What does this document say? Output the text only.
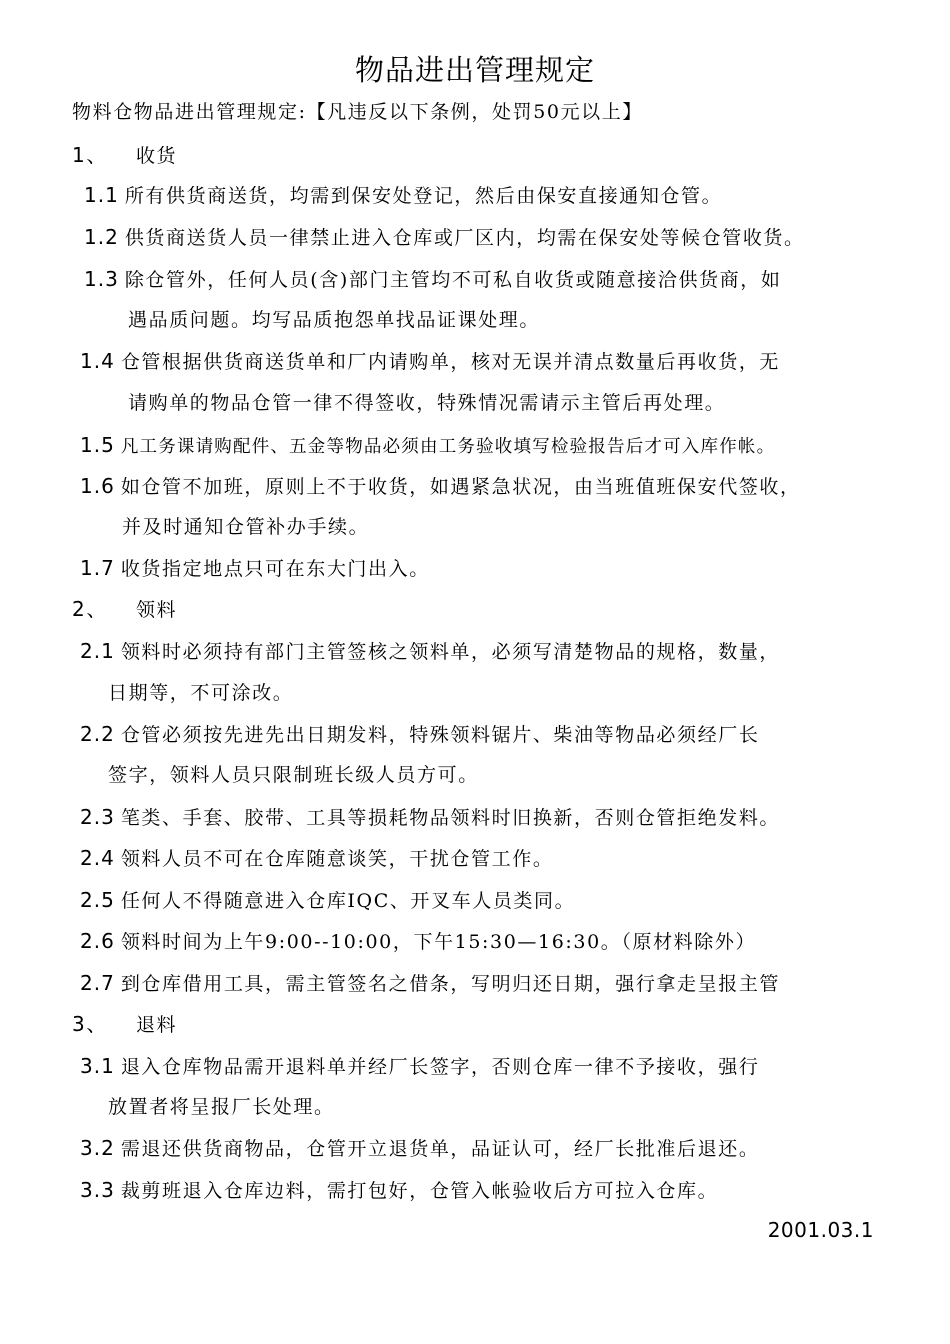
物品进出管理规定
物料仓物品进出管理规定:【凡违反以下条例，处罚50元以上】
1、 收货
1.1 所有供货商送货，均需到保安处登记，然后由保安直接通知仓管。
1.2 供货商送货人员一律禁止进入仓库或厂区内，均需在保安处等候仓管收货。
1.3 除仓管外，任何人员(含)部门主管均不可私自收货或随意接洽供货商，如
遇品质问题。均写品质抱怨单找品证课处理。
1.4 仓管根据供货商送货单和厂内请购单，核对无误并清点数量后再收货，无
请购单的物品仓管一律不得签收，特殊情况需请示主管后再处理。
1.5 凡工务课请购配件、五金等物品必须由工务验收填写检验报告后才可入库作帐。
1.6 如仓管不加班，原则上不于收货，如遇紧急状况，由当班值班保安代签收，
并及时通知仓管补办手续。
1.7 收货指定地点只可在东大门出入。
2、 领料
2.1 领料时必须持有部门主管签核之领料单，必须写清楚物品的规格，数量，
日期等，不可涂改。
2.2 仓管必须按先进先出日期发料，特殊领料锯片、柴油等物品必须经厂长
签字，领料人员只限制班长级人员方可。
2.3 笔类、手套、胶带、工具等损耗物品领料时旧换新，否则仓管拒绝发料。
2.4 领料人员不可在仓库随意谈笑，干扰仓管工作。
2.5 任何人不得随意进入仓库IQC、开叉车人员类同。
2.6 领料时间为上午9:00--10:00，下午15:30—16:30。（原材料除外）
2.7 到仓库借用工具，需主管签名之借条，写明归还日期，强行拿走呈报主管
3、 退料
3.1 退入仓库物品需开退料单并经厂长签字，否则仓库一律不予接收，强行
放置者将呈报厂长处理。
3.2 需退还供货商物品，仓管开立退货单，品证认可，经厂长批准后退还。
3.3 裁剪班退入仓库边料，需打包好，仓管入帐验收后方可拉入仓库。
2001.03.1
